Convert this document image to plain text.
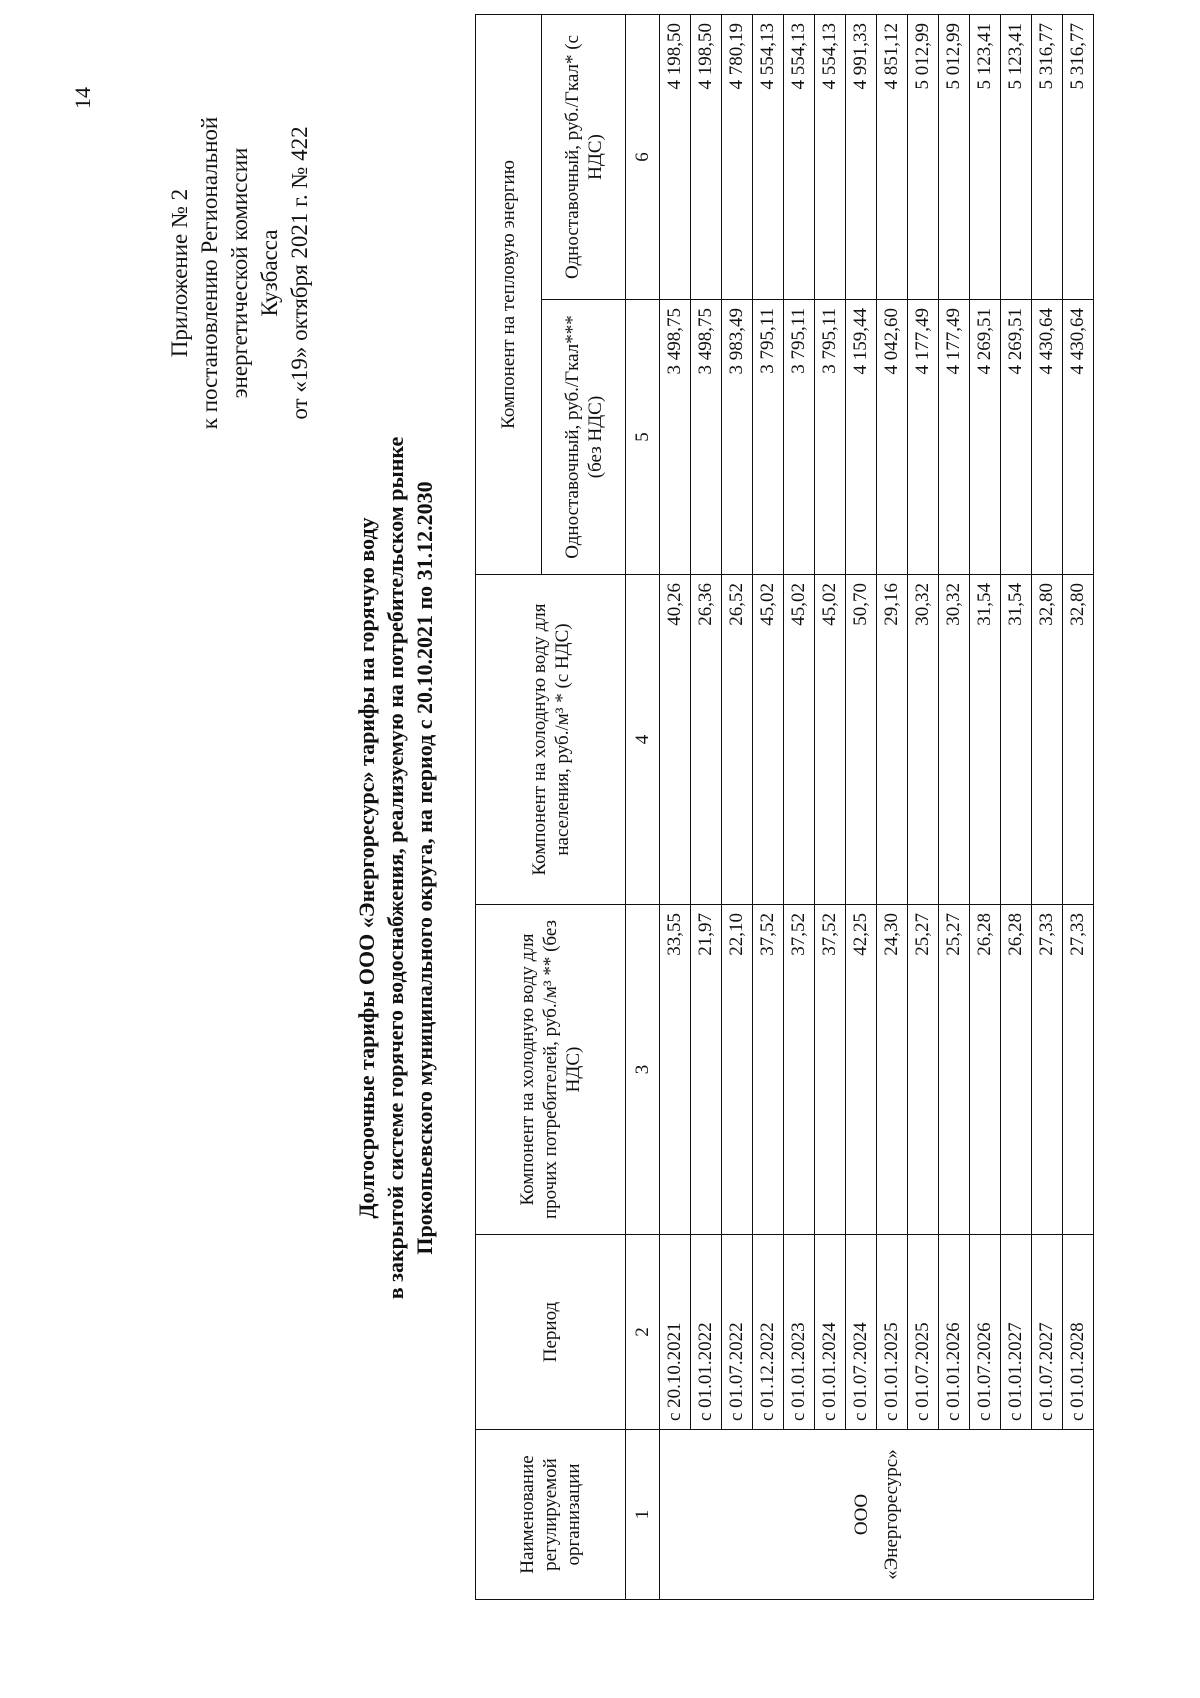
14
Приложение № 2 к постановлению Региональной энергетической комиссии Кузбасса от «19» октября 2021 г. № 422
Долгосрочные тарифы ООО «Энергоресурс» тарифы на горячую воду в закрытой системе горячего водоснабжения, реализуемую на потребительском рынке Прокопьевского муниципального округа, на период с 20.10.2021 по 31.12.2030
Наименование регулируемой организации	Период	Компонент на холодную воду для прочих потребителей, руб./м³ ** (без НДС)	Компонент на холодную воду для населения, руб./м³ * (с НДС)	Компонент на тепловую энергию	
				Одноставочный, руб./Гкал*** (без НДС)	Одноставочный, руб./Гкал* (с НДС)
1	2	3	4	5	6
ООО «Энергоресурс»	с 20.10.2021	33,55	40,26	3 498,75	4 198,50
	с 01.01.2022	21,97	26,36	3 498,75	4 198,50
	с 01.07.2022	22,10	26,52	3 983,49	4 780,19
	с 01.12.2022	37,52	45,02	3 795,11	4 554,13
	с 01.01.2023	37,52	45,02	3 795,11	4 554,13
	с 01.01.2024	37,52	45,02	3 795,11	4 554,13
	с 01.07.2024	42,25	50,70	4 159,44	4 991,33
	с 01.01.2025	24,30	29,16	4 042,60	4 851,12
	с 01.07.2025	25,27	30,32	4 177,49	5 012,99
	с 01.01.2026	25,27	30,32	4 177,49	5 012,99
	с 01.07.2026	26,28	31,54	4 269,51	5 123,41
	с 01.01.2027	26,28	31,54	4 269,51	5 123,41
	с 01.07.2027	27,33	32,80	4 430,64	5 316,77
	с 01.01.2028	27,33	32,80	4 430,64	5 316,77
